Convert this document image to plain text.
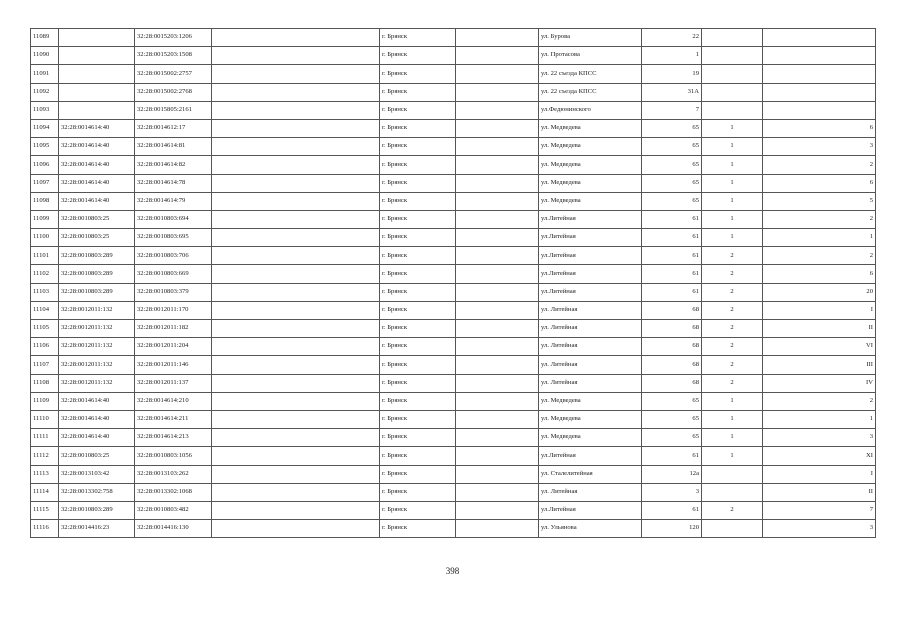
11089		32:28:0015203:1206		г. Брянск		ул. Бурова	22		
11090		32:28:0015203:1508		г. Брянск		ул. Протасова	1		
11091		32:28:0015002:2757		г. Брянск		ул. 22 съезда КПСС	19		
11092		32:28:0015002:2768		г. Брянск		ул. 22 съезда КПСС	31А		
11093		32:28:0015805:2161		г. Брянск		ул.Федюнинского	7		
11094	32:28:0014614:40	32:28:0014612:17		г. Брянск		ул. Медведева	65	1	6
11095	32:28:0014614:40	32:28:0014614:81		г. Брянск		ул. Медведева	65	1	3
11096	32:28:0014614:40	32:28:0014614:82		г. Брянск		ул. Медведева	65	1	2
11097	32:28:0014614:40	32:28:0014614:78		г. Брянск		ул. Медведева	65	1	6
11098	32:28:0014614:40	32:28:0014614:79		г. Брянск		ул. Медведева	65	1	5
11099	32:28:0010803:25	32:28:0010803:694		г. Брянск		ул.Литейная	61	1	2
11100	32:28:0010803:25	32:28:0010803:695		г. Брянск		ул.Литейная	61	1	1
11101	32:28:0010803:289	32:28:0010803:706		г. Брянск		ул.Литейная	61	2	2
11102	32:28:0010803:289	32:28:0010803:669		г. Брянск		ул.Литейная	61	2	6
11103	32:28:0010803:289	32:28:0010803:379		г. Брянск		ул.Литейная	61	2	20
11104	32:28:0012011:132	32:28:0012011:170		г. Брянск		ул. Литейная	68	2	I
11105	32:28:0012011:132	32:28:0012011:182		г. Брянск		ул. Литейная	68	2	II
11106	32:28:0012011:132	32:28:0012011:204		г. Брянск		ул. Литейная	68	2	VI
11107	32:28:0012011:132	32:28:0012011:146		г. Брянск		ул. Литейная	68	2	III
11108	32:28:0012011:132	32:28:0012011:137		г. Брянск		ул. Литейная	68	2	IV
11109	32:28:0014614:40	32:28:0014614:210		г. Брянск		ул. Медведева	65	1	2
11110	32:28:0014614:40	32:28:0014614:211		г. Брянск		ул. Медведева	65	1	1
11111	32:28:0014614:40	32:28:0014614:213		г. Брянск		ул. Медведева	65	1	3
11112	32:28:0010803:25	32:28:0010803:1056		г. Брянск		ул.Литейная	61	1	XI
11113	32:28:0013103:42	32:28:0013103:262		г. Брянск		ул. Сталелитейная	12а		I
11114	32:28:0013302:758	32:28:0013302:1068		г. Брянск		ул. Литейная	3		II
11115	32:28:0010803:289	32:28:0010803:482		г. Брянск		ул.Литейная	61	2	7
11116	32:28:0014416:23	32:28:0014416:130		г. Брянск		ул. Ульянова	120		3
398
